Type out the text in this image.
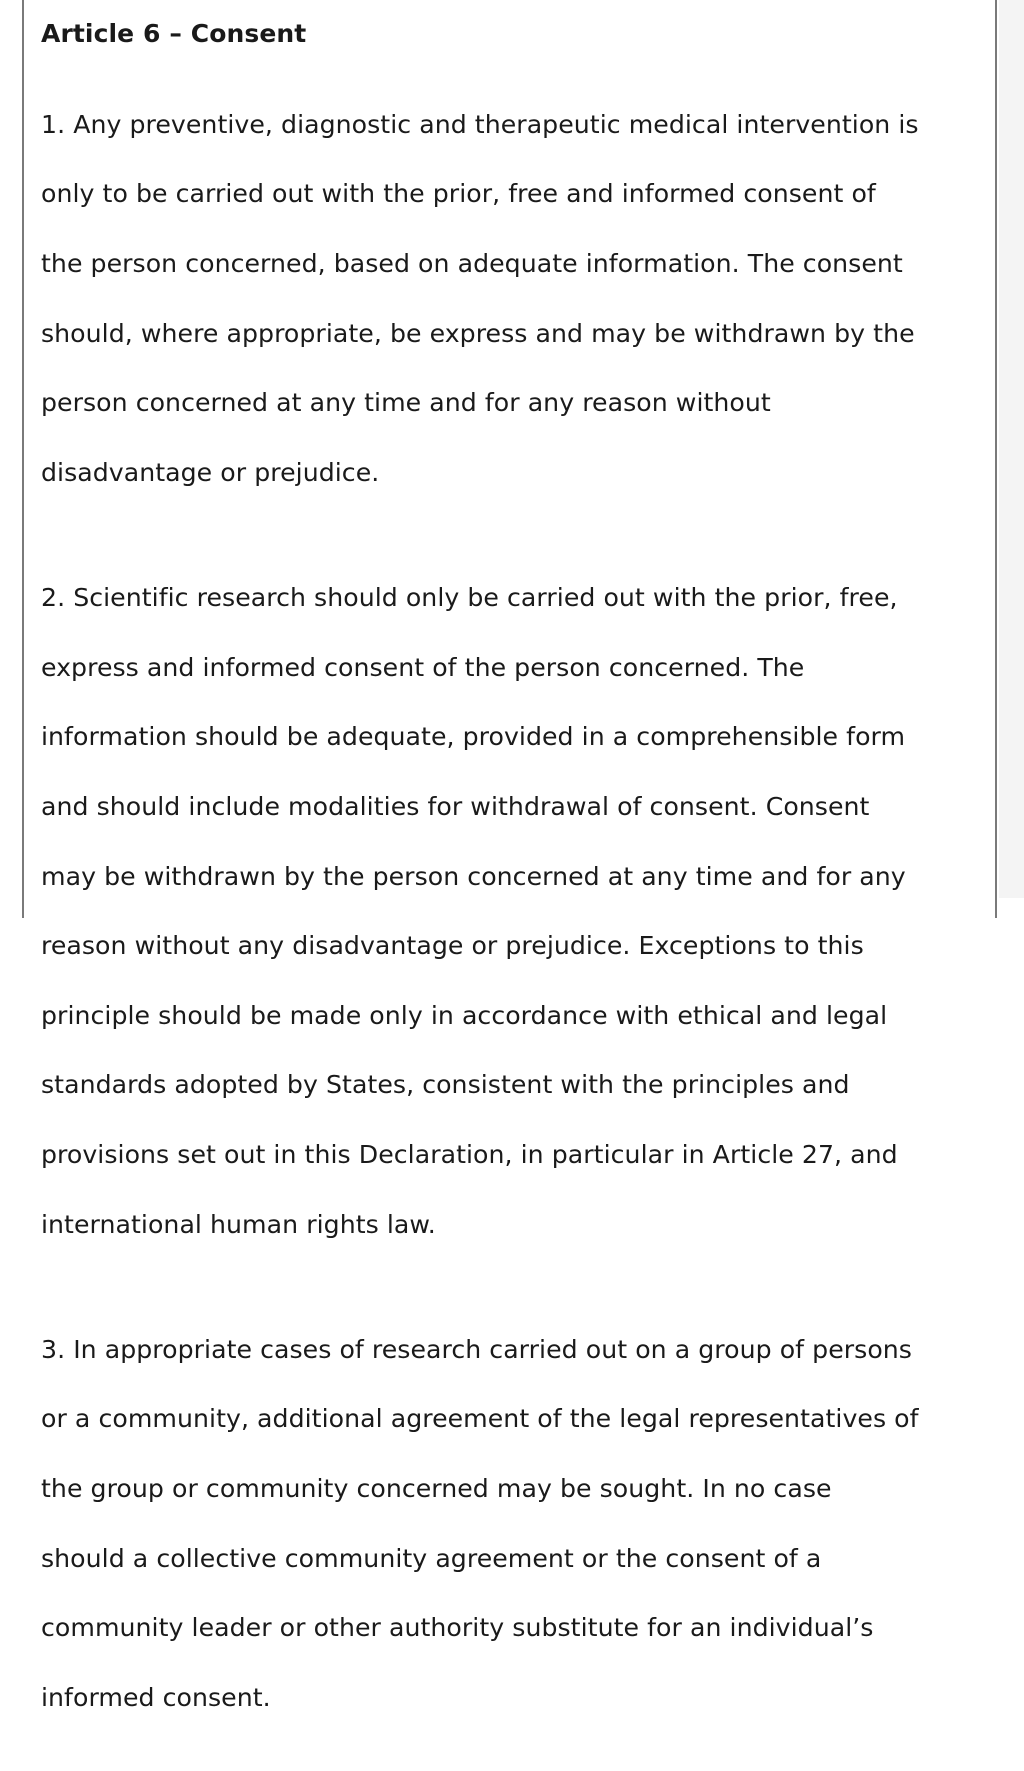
Article 6 – Consent

1. Any preventive, diagnostic and therapeutic medical intervention is

only to be carried out with the prior, free and informed consent of

the person concerned, based on adequate information. The consent

should, where appropriate, be express and may be withdrawn by the

person concerned at any time and for any reason without

disadvantage or prejudice.

2. Scientific research should only be carried out with the prior, free,

express and informed consent of the person concerned. The

information should be adequate, provided in a comprehensible form

and should include modalities for withdrawal of consent. Consent

may be withdrawn by the person concerned at any time and for any

reason without any disadvantage or prejudice. Exceptions to this

principle should be made only in accordance with ethical and legal

standards adopted by States, consistent with the principles and

provisions set out in this Declaration, in particular in Article 27, and

international human rights law.

3. In appropriate cases of research carried out on a group of persons

or a community, additional agreement of the legal representatives of

the group or community concerned may be sought. In no case

should a collective community agreement or the consent of a

community leader or other authority substitute for an individual’s

informed consent.
